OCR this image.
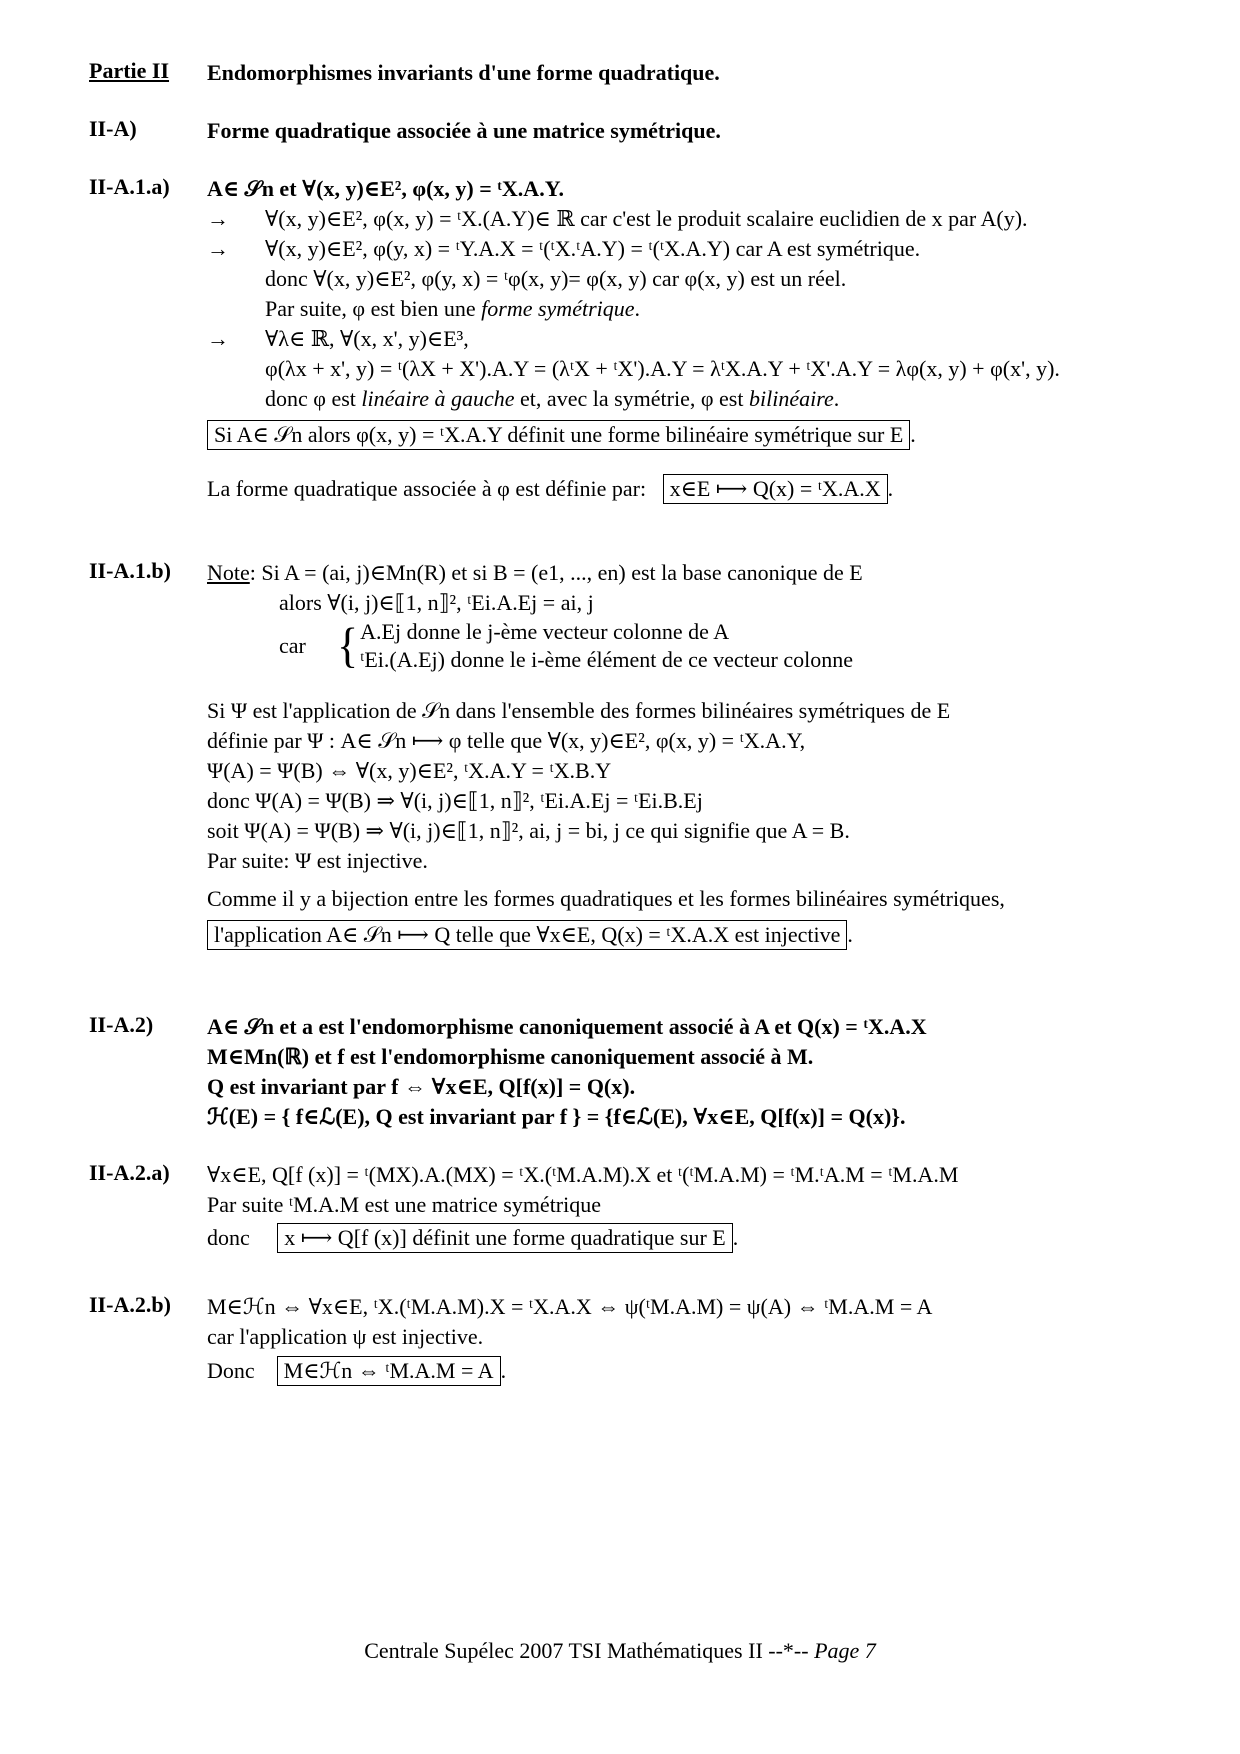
Partie II Endomorphismes invariants d'une forme quadratique.
II-A)	Forme quadratique associée à une matrice symétrique.
II-A.1.a) A∈ 𝒮n et ∀(x, y)∈E², φ(x, y) = ᵗX.A.Y.
→ ∀(x, y)∈E², φ(x, y) = ᵗX.(A.Y)∈ ℝ car c'est le produit scalaire euclidien de x par A(y).
→ ∀(x, y)∈E², φ(y, x) = ᵗY.A.X = ᵗ(ᵗX.ᵗA.Y) = ᵗ(ᵗX.A.Y) car A est symétrique.
donc ∀(x, y)∈E², φ(y, x) = ᵗφ(x, y)= φ(x, y) car φ(x, y) est un réel.
Par suite, φ est bien une forme symétrique.
→ ∀λ∈ ℝ, ∀(x, x', y)∈E³,
φ(λx + x', y) = ᵗ(λX + X').A.Y = (λᵗX + ᵗX').A.Y = λᵗX.A.Y + ᵗX'.A.Y = λφ(x, y) + φ(x', y).
donc φ est linéaire à gauche et, avec la symétrie, φ est bilinéaire.
Si A∈ 𝒮n alors φ(x, y) = ᵗX.A.Y définit une forme bilinéaire symétrique sur E .
La forme quadratique associée à φ est définie par: x∈E ⟼ Q(x) = ᵗX.A.X .
II-A.1.b) Note: Si A = (ai, j)∈Mn(R) et si B = (e1, ..., en) est la base canonique de E
alors ∀(i, j)∈⟦1, n⟧², ᵗEi.A.Ej = ai, j
car { A.Ej donne le j-ème vecteur colonne de A
ᵗEi.(A.Ej) donne le i-ème élément de ce vecteur colonne
Si Ψ est l'application de 𝒮n dans l'ensemble des formes bilinéaires symétriques de E
définie par Ψ : A∈ 𝒮n ⟼ φ telle que ∀(x, y)∈E², φ(x, y) = ᵗX.A.Y,
Ψ(A) = Ψ(B) ⇔ ∀(x, y)∈E², ᵗX.A.Y = ᵗX.B.Y
donc Ψ(A) = Ψ(B) ⇒ ∀(i, j)∈⟦1, n⟧², ᵗEi.A.Ej = ᵗEi.B.Ej
soit Ψ(A) = Ψ(B) ⇒ ∀(i, j)∈⟦1, n⟧², ai, j = bi, j ce qui signifie que A = B.
Par suite: Ψ est injective.
Comme il y a bijection entre les formes quadratiques et les formes bilinéaires symétriques,
l'application A∈ 𝒮n ⟼ Q telle que ∀x∈E, Q(x) = ᵗX.A.X est injective .
II-A.2) A∈ 𝒮n et a est l'endomorphisme canoniquement associé à A et Q(x) = ᵗX.A.X
M∈Mn(ℝ) et f est l'endomorphisme canoniquement associé à M.
Q est invariant par f ⇔ ∀x∈E, Q[f(x)] = Q(x).
ℋ(E) = { f∈ℒ(E), Q est invariant par f } = {f∈ℒ(E), ∀x∈E, Q[f(x)] = Q(x)}.
II-A.2.a) ∀x∈E, Q[f (x)] = ᵗ(MX).A.(MX) = ᵗX.(ᵗM.A.M).X et ᵗ(ᵗM.A.M) = ᵗM.ᵗA.M = ᵗM.A.M
Par suite ᵗM.A.M est une matrice symétrique
donc x ⟼ Q[f (x)] définit une forme quadratique sur E .
II-A.2.b) M∈ℋn ⇔ ∀x∈E, ᵗX.(ᵗM.A.M).X = ᵗX.A.X ⇔ ψ(ᵗM.A.M) = ψ(A) ⇔ ᵗM.A.M = A
car l'application ψ est injective.
Donc M∈ℋn ⇔ ᵗM.A.M = A .
Centrale Supélec 2007 TSI Mathématiques II --*-- Page 7
